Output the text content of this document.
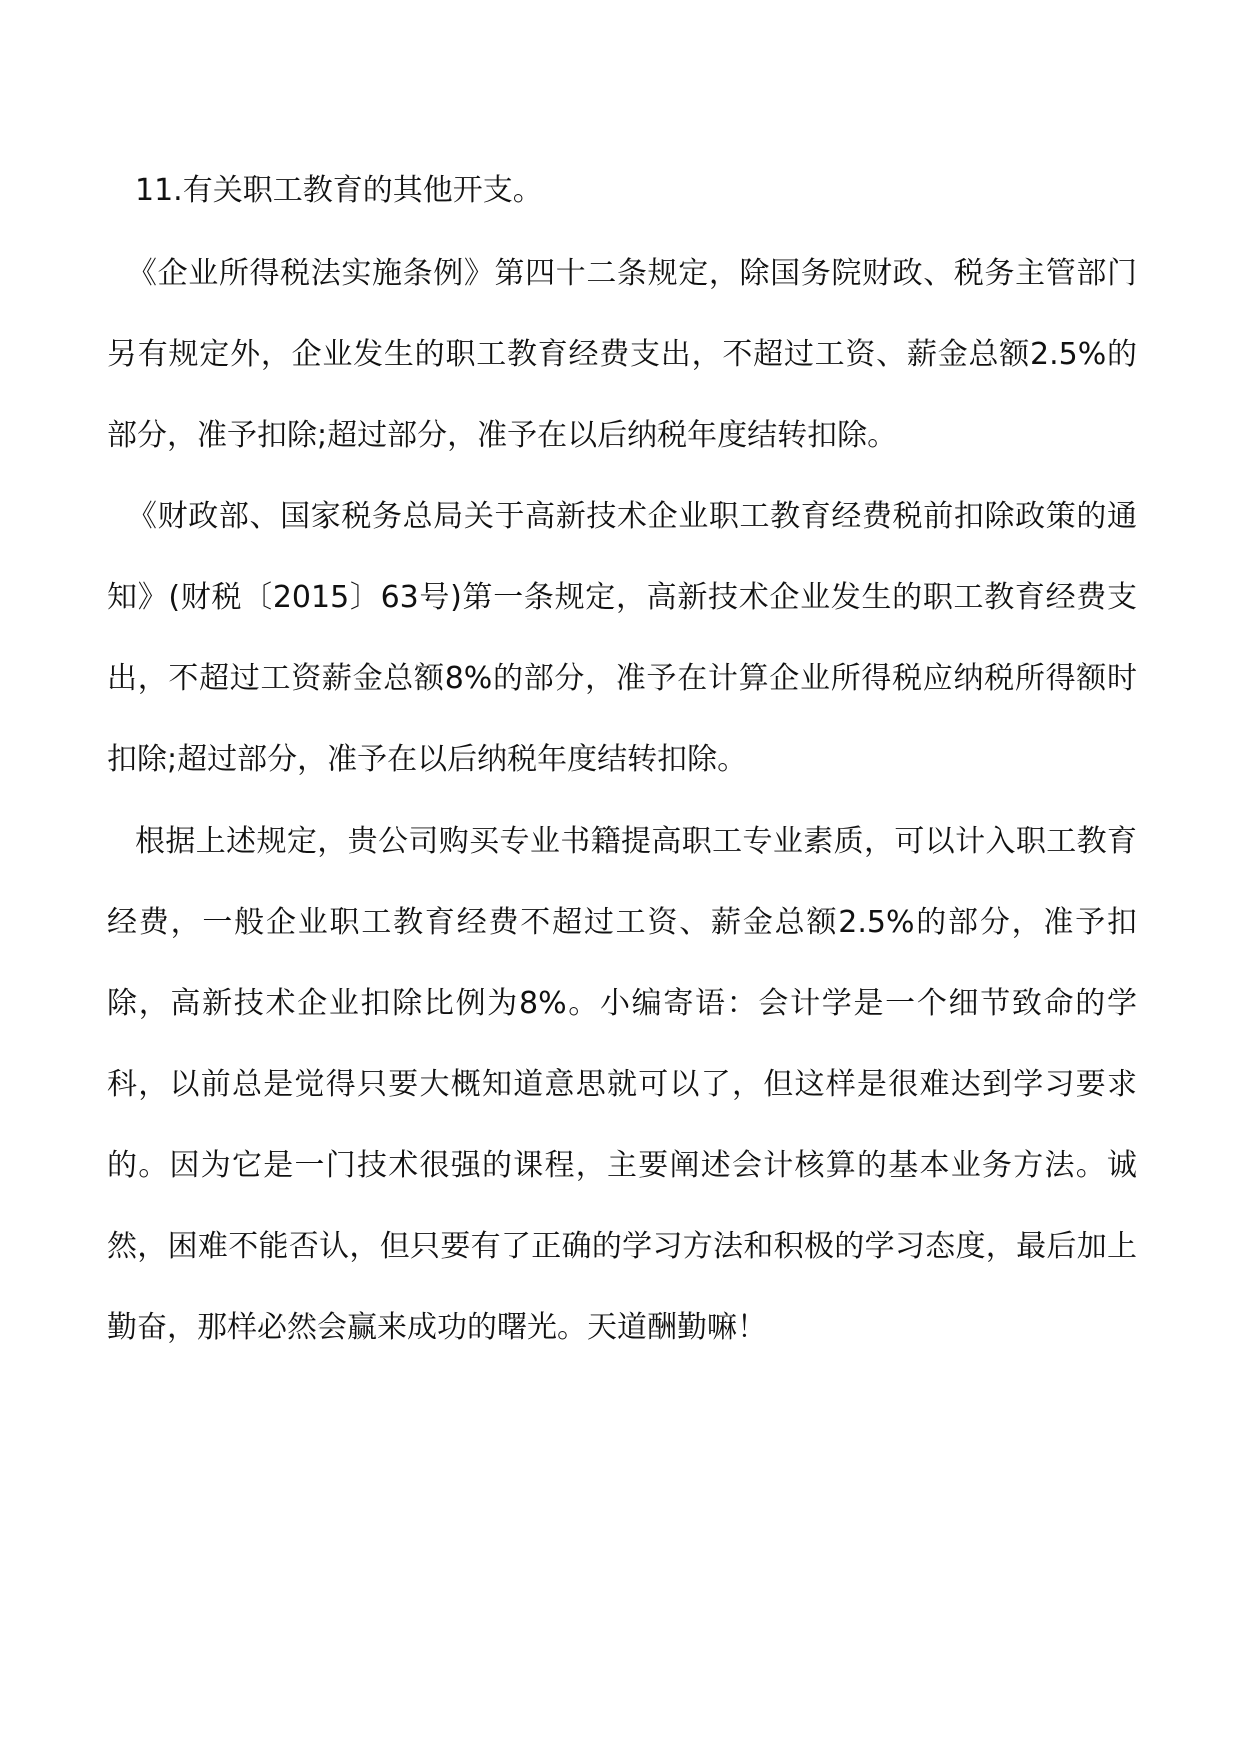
11.有关职工教育的其他开支。

《企业所得税法实施条例》第四十二条规定，除国务院财政、税务主管部门另有规定外，企业发生的职工教育经费支出，不超过工资、薪金总额2.5%的部分，准予扣除;超过部分，准予在以后纳税年度结转扣除。

《财政部、国家税务总局关于高新技术企业职工教育经费税前扣除政策的通知》(财税〔2015〕63号)第一条规定，高新技术企业发生的职工教育经费支出，不超过工资薪金总额8%的部分，准予在计算企业所得税应纳税所得额时扣除;超过部分，准予在以后纳税年度结转扣除。

根据上述规定，贵公司购买专业书籍提高职工专业素质，可以计入职工教育经费，一般企业职工教育经费不超过工资、薪金总额2.5%的部分，准予扣除，高新技术企业扣除比例为8%。小编寄语：会计学是一个细节致命的学科，以前总是觉得只要大概知道意思就可以了，但这样是很难达到学习要求的。因为它是一门技术很强的课程，主要阐述会计核算的基本业务方法。诚然，困难不能否认，但只要有了正确的学习方法和积极的学习态度，最后加上勤奋，那样必然会赢来成功的曙光。天道酬勤嘛！
